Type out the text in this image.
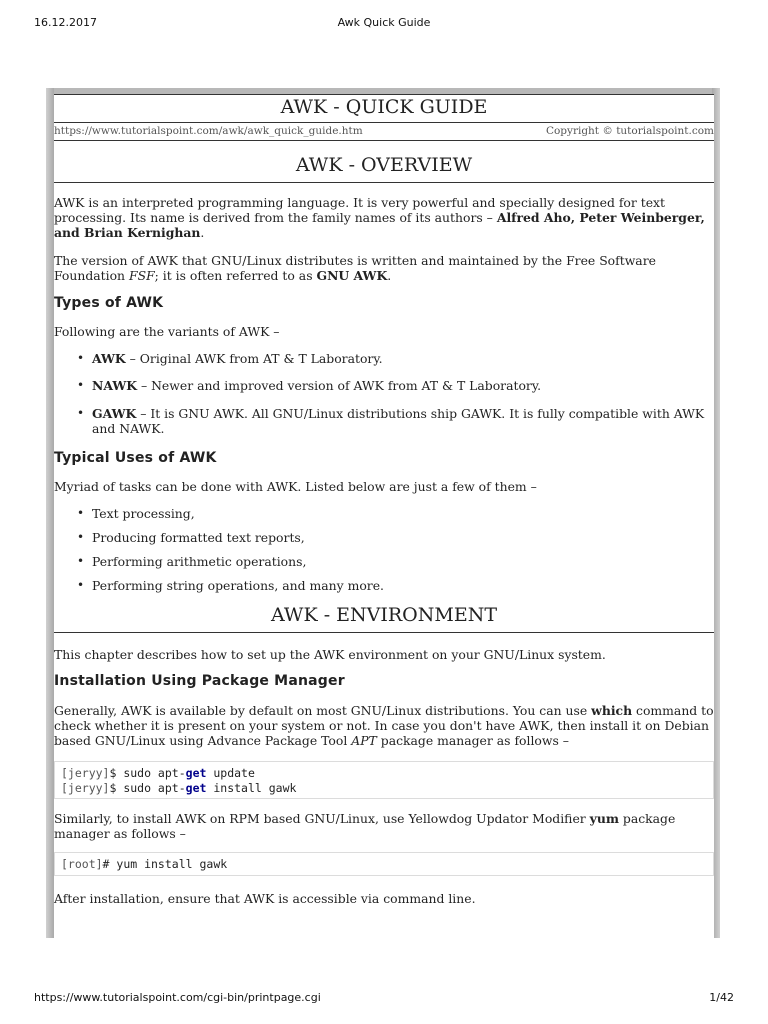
16.12.2017	Awk Quick Guide
AWK - QUICK GUIDE
https://www.tutorialspoint.com/awk/awk_quick_guide.htm	Copyright © tutorialspoint.com
AWK - OVERVIEW

AWK is an interpreted programming language. It is very powerful and specially designed for text processing. Its name is derived from the family names of its authors – Alfred Aho, Peter Weinberger, and Brian Kernighan.

The version of AWK that GNU/Linux distributes is written and maintained by the Free Software Foundation FSF; it is often referred to as GNU AWK.

Types of AWK

Following are the variants of AWK –

• AWK – Original AWK from AT & T Laboratory.
• NAWK – Newer and improved version of AWK from AT & T Laboratory.
• GAWK – It is GNU AWK. All GNU/Linux distributions ship GAWK. It is fully compatible with AWK and NAWK.
Typical Uses of AWK

Myriad of tasks can be done with AWK. Listed below are just a few of them –

• Text processing,
• Producing formatted text reports,
• Performing arithmetic operations,
• Performing string operations, and many more.
AWK - ENVIRONMENT

This chapter describes how to set up the AWK environment on your GNU/Linux system.

Installation Using Package Manager

Generally, AWK is available by default on most GNU/Linux distributions. You can use which command to check whether it is present on your system or not. In case you don't have AWK, then install it on Debian based GNU/Linux using Advance Package Tool APT package manager as follows –

[jeryy]$ sudo apt-get update
[jeryy]$ sudo apt-get install gawk

Similarly, to install AWK on RPM based GNU/Linux, use Yellowdog Updator Modifier yum package manager as follows –

[root]# yum install gawk

After installation, ensure that AWK is accessible via command line.

https://www.tutorialspoint.com/cgi-bin/printpage.cgi	1/42
